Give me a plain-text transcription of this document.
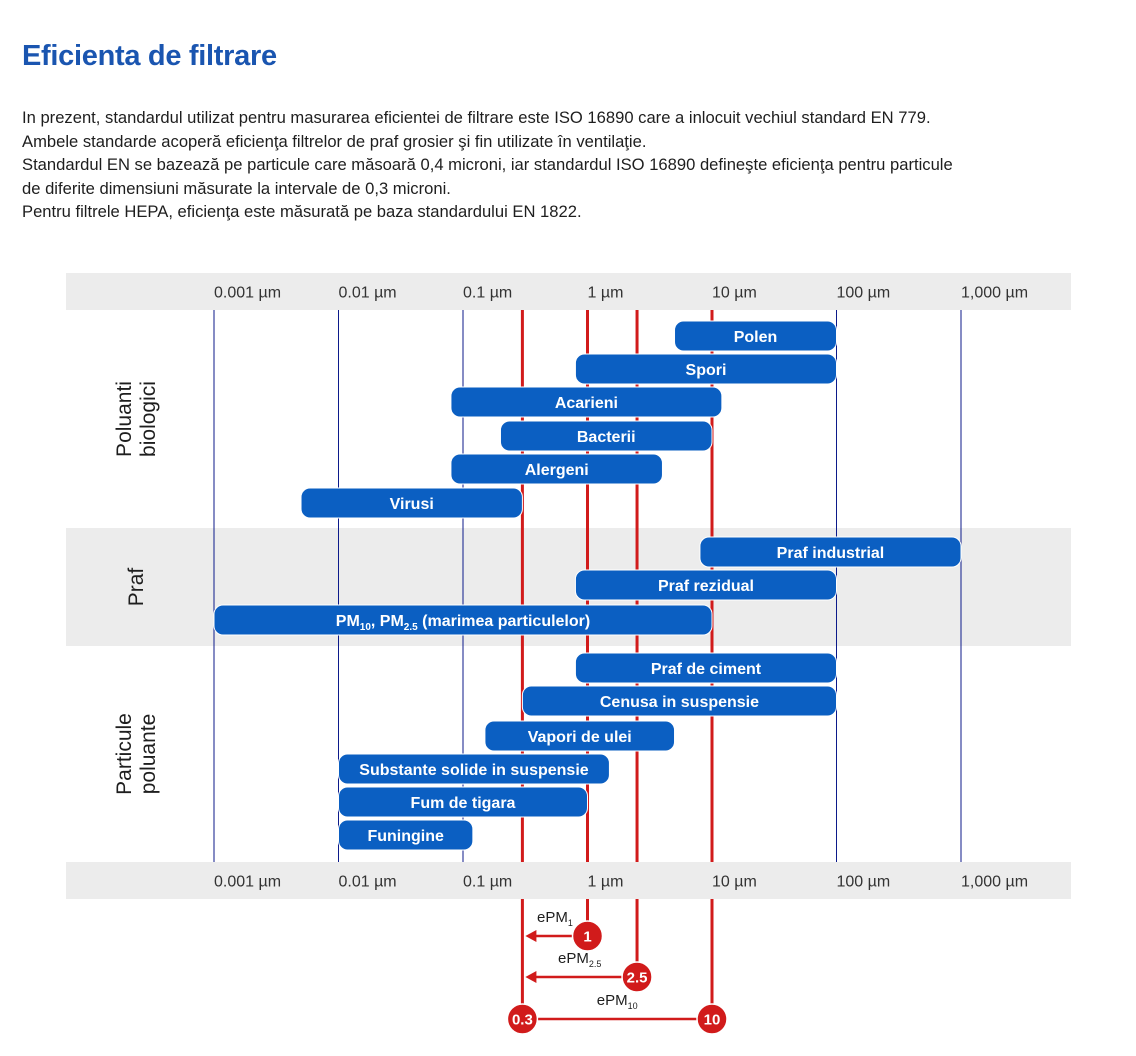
Eficienta de filtrare

In prezent, standardul utilizat pentru masurarea eficientei de filtrare este ISO 16890 care a inlocuit vechiul standard EN 779.

Ambele standarde acoperă eficienţa filtrelor de praf grosier şi fin utilizate în ventilaţie.

Standardul EN se bazează pe particule care măsoară 0,4 microni, iar standardul ISO 16890 defineşte eficienţa pentru particule

de diferite dimensiuni măsurate la intervale de 0,3 microni.

Pentru filtrele HEPA, eficienţa este măsurată pe baza standardului EN 1822.

Poluantibiologici
Praf
Particulepoluante
0.001 µm
0.001 µm
0.01 µm
0.01 µm
0.1 µm
0.1 µm
1 µm
1 µm
10 µm
10 µm
100 µm
100 µm
1,000 µm
1,000 µm
Polen
Spori
Acarieni
Bacterii
Alergeni
Virusi
Praf industrial
Praf rezidual
$PM_{10}$, $PM_{2.5}$ (marimea particulelor)
Praf de ciment
Cenusa in suspensie
Vapori de ulei
Substante solide in suspensie
Fum de tigara
Funingine
ePM$_1$
ePM$_{2.5}$
ePM$_{10}$
0.3
1
2.5
10
